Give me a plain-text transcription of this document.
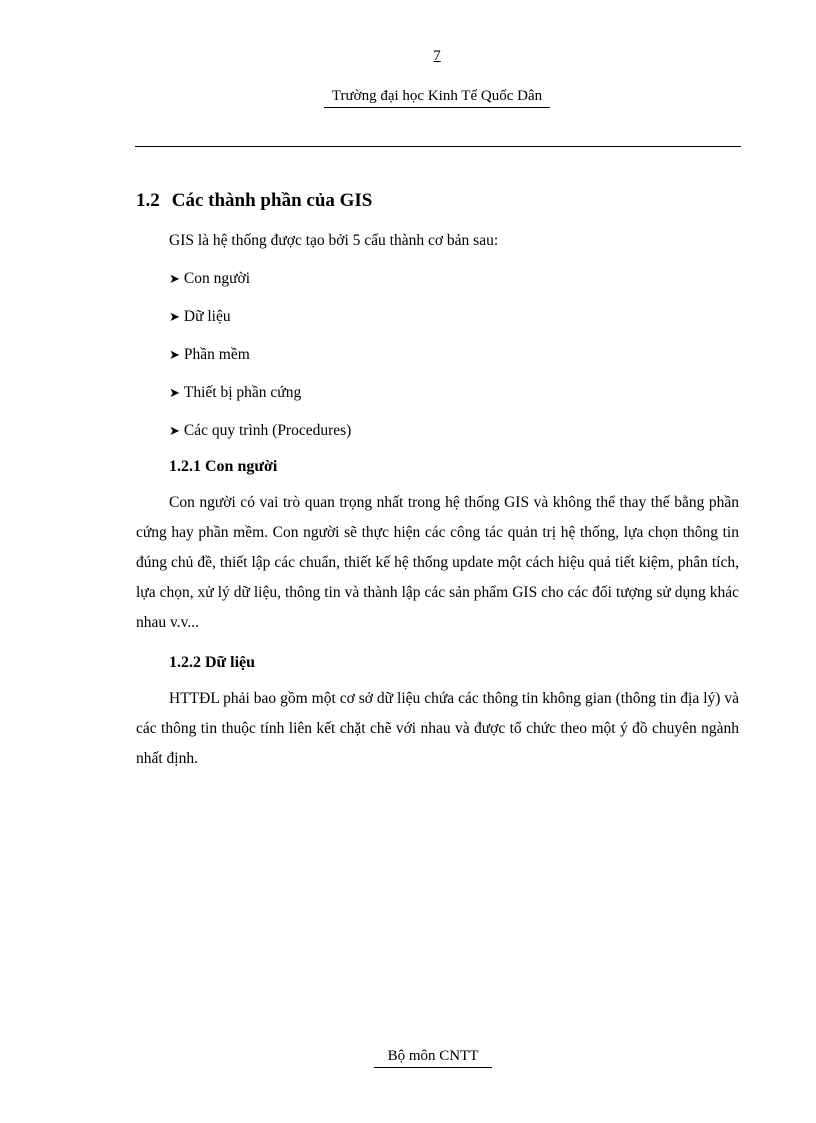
7
Trường đại học Kinh Tế Quốc Dân
1.2 Các thành phần của GIS

GIS là hệ thống được tạo bởi 5 cấu thành cơ bản sau:

➤ Con người
➤ Dữ liệu
➤ Phần mềm
➤ Thiết bị phần cứng
➤ Các quy trình (Procedures)
1.2.1 Con người

Con người có vai trò quan trọng nhất trong hệ thống GIS và không thể thay thế bằng phần cứng hay phần mềm. Con người sẽ thực hiện các công tác quản trị hệ thống, lựa chọn thông tin đúng chủ đề, thiết lập các chuẩn, thiết kế hệ thống update một cách hiệu quả tiết kiệm, phân tích, lựa chọn, xử lý dữ liệu, thông tin và thành lập các sản phẩm GIS cho các đối tượng sử dụng khác nhau v.v...

1.2.2 Dữ liệu

HTTĐL phải bao gồm một cơ sở dữ liệu chứa các thông tin không gian (thông tin địa lý) và các thông tin thuộc tính liên kết chặt chẽ với nhau và được tổ chức theo một ý đồ chuyên ngành nhất định.

Bộ môn CNTT
